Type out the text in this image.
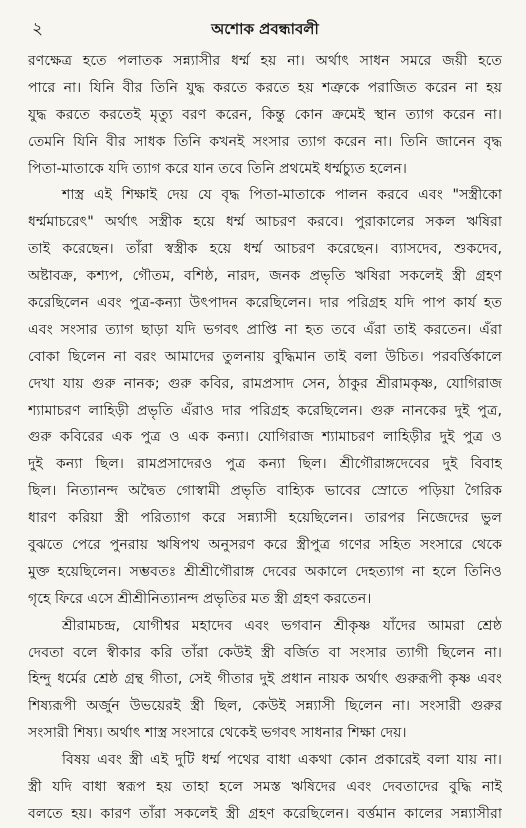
২	অশোক প্রবন্ধাবলী
রণক্ষেত্র হতে পলাতক সন্ন্যাসীর ধর্ম্ম হয় না। অর্থাৎ সাধন সমরে জয়ী হতে
পারে না। যিনি বীর তিনি যুদ্ধ করতে করতে হয় শত্রুকে পরাজিত করেন না হয়
যুদ্ধ করতে করতেই মৃত্যু বরণ করেন, কিন্তু কোন ক্রমেই স্থান ত্যাগ করেন না।
তেমনি যিনি বীর সাধক তিনি কখনই সংসার ত্যাগ করেন না। তিনি জানেন বৃদ্ধ
পিতা-মাতাকে যদি ত্যাগ করে যান তবে তিনি প্রথমেই ধর্ম্মচ্যুত হলেন।
শাস্ত্র এই শিক্ষাই দেয় যে বৃদ্ধ পিতা-মাতাকে পালন করবে এবং "সস্ত্রীকো
ধর্ম্মমাচরেৎ" অর্থাৎ সস্ত্রীক হয়ে ধর্ম্ম আচরণ করবে। পুরাকালের সকল ঋষিরা
তাই করেছেন। তাঁরা স্বস্ত্রীক হয়ে ধর্ম্ম আচরণ করেছেন। ব্যাসদেব, শুকদেব,
অষ্টাবক্র, কশ্যপ, গৌতম, বশিষ্ঠ, নারদ, জনক প্রভৃতি ঋষিরা সকলেই স্ত্রী গ্রহণ
করেছিলেন এবং পুত্র-কন্যা উৎপাদন করেছিলেন। দার পরিগ্রহ যদি পাপ কার্য হত
এবং সংসার ত্যাগ ছাড়া যদি ভগবৎ প্রাপ্তি না হত তবে এঁরা তাই করতেন। এঁরা
বোকা ছিলেন না বরং আমাদের তুলনায় বুদ্ধিমান তাই বলা উচিত। পরবর্ত্তিকালে
দেখা যায় গুরু নানক; গুরু কবির, রামপ্রসাদ সেন, ঠাকুর শ্রীরামকৃষ্ণ, যোগিরাজ
শ্যামাচরণ লাহিড়ী প্রভৃতি এঁরাও দার পরিগ্রহ করেছিলেন। গুরু নানকের দুই পুত্র,
গুরু কবিরের এক পুত্র ও এক কন্যা। যোগিরাজ শ্যামাচরণ লাহিড়ীর দুই পুত্র ও
দুই কন্যা ছিল। রামপ্রসাদেরও পুত্র কন্যা ছিল। শ্রীগৌরাঙ্গদেবের দুই বিবাহ
ছিল। নিত্যানন্দ অদ্বৈত গোস্বামী প্রভৃতি বাহ্যিক ভাবের স্রোতে পড়িয়া গৈরিক
ধারণ করিয়া স্ত্রী পরিত্যাগ করে সন্ন্যাসী হয়েছিলেন। তারপর নিজেদের ভুল
বুঝতে পেরে পুনরায় ঋষিপথ অনুসরণ করে স্ত্রীপুত্র গণের সহিত সংসারে থেকে
মুক্ত হয়েছিলেন। সম্ভবতঃ শ্রীশ্রীগৌরাঙ্গ দেবের অকালে দেহত্যাগ না হলে তিনিও
গৃহে ফিরে এসে শ্রীশ্রীনিত্যানন্দ প্রভৃতির মত স্ত্রী গ্রহণ করতেন।
শ্রীরামচন্দ্র, যোগীশ্বর মহাদেব এবং ভগবান শ্রীকৃষ্ণ যাঁদের আমরা শ্রেষ্ঠ
দেবতা বলে স্বীকার করি তাঁরা কেউই স্ত্রী বর্জিত বা সংসার ত্যাগী ছিলেন না।
হিন্দু ধর্মের শ্রেষ্ঠ গ্রন্থ গীতা, সেই গীতার দুই প্রধান নায়ক অর্থাৎ গুরুরূপী কৃষ্ণ এবং
শিষ্যরূপী অর্জুন উভয়েরই স্ত্রী ছিল, কেউই সন্ন্যাসী ছিলেন না। সংসারী গুরুর
সংসারী শিষ্য। অর্থাৎ শাস্ত্র সংসারে থেকেই ভগবৎ সাধনার শিক্ষা দেয়।
বিষয় এবং স্ত্রী এই দুটি ধর্ম্ম পথের বাধা একথা কোন প্রকারেই বলা যায় না।
স্ত্রী যদি বাধা স্বরূপ হয় তাহা হলে সমস্ত ঋষিদের এবং দেবতাদের বুদ্ধি নাই
বলতে হয়। কারণ তাঁরা সকলেই স্ত্রী গ্রহণ করেছিলেন। বর্ত্তমান কালের সন্ন্যাসীরা
